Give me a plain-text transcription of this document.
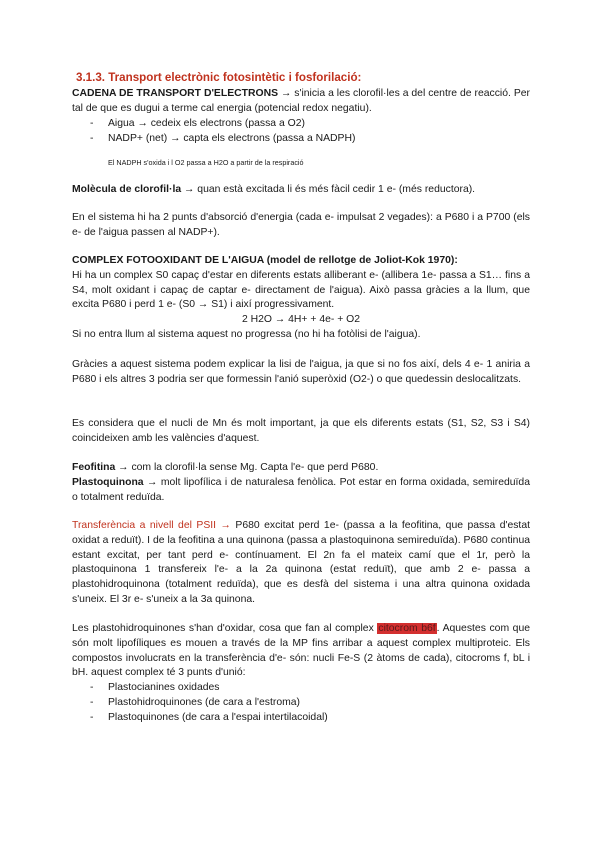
3.1.3. Transport electrònic fotosintètic i fosforilació:
CADENA DE TRANSPORT D'ELECTRONS → s'inicia a les clorofil·les a del centre de reacció. Per tal de que es dugui a terme cal energia (potencial redox negatiu).
- Aigua → cedeix els electrons (passa a O2)
- NADP+ (net) → capta els electrons (passa a NADPH)
El NADPH s'oxida i l O2 passa a H2O a partir de la respiració
Molècula de clorofil·la → quan està excitada li és més fàcil cedir 1 e- (més reductora).
En el sistema hi ha 2 punts d'absorció d'energia (cada e- impulsat 2 vegades): a P680 i a P700 (els e- de l'aigua passen al NADP+).
COMPLEX FOTOOXIDANT DE L'AIGUA (model de rellotge de Joliot-Kok 1970):
Hi ha un complex S0 capaç d'estar en diferents estats alliberant e- (allibera 1e- passa a S1… fins a S4, molt oxidant i capaç de captar e- directament de l'aigua). Això passa gràcies a la llum, que excita P680 i perd 1 e- (S0 → S1) i així progressivament.
2 H2O → 4H+ + 4e- + O2
Si no entra llum al sistema aquest no progressa (no hi ha fotòlisi de l'aigua).
Gràcies a aquest sistema podem explicar la lisi de l'aigua, ja que si no fos així, dels 4 e- 1 aniria a P680 i els altres 3 podria ser que formessin l'anió superòxid (O2-) o que quedessin deslocalitzats.
Es considera que el nucli de Mn és molt important, ja que els diferents estats (S1, S2, S3 i S4) coincideixen amb les valències d'aquest.
Feofitina → com la clorofil·la sense Mg. Capta l'e- que perd P680.
Plastoquinona → molt lipofílica i de naturalesa fenòlica. Pot estar en forma oxidada, semireduïda o totalment reduïda.
Transferència a nivell del PSII → P680 excitat perd 1e- (passa a la feofitina, que passa d'estat oxidat a reduït). I de la feofitina a una quinona (passa a plastoquinona semireduïda). P680 continua estant excitat, per tant perd e- contínuament. El 2n fa el mateix camí que el 1r, però la plastoquinona 1 transfereix l'e- a la 2a quinona (estat reduït), que amb 2 e- passa a plastohidroquinona (totalment reduïda), que es desfà del sistema i una altra quinona oxidada s'uneix. El 3r e- s'uneix a la 3a quinona.
Les plastohidroquinones s'han d'oxidar, cosa que fan al complex citocrom b6f. Aquestes com que són molt lipofíliques es mouen a través de la MP fins arribar a aquest complex multiproteic. Els compostos involucrats en la transferència d'e- són: nucli Fe-S (2 àtoms de cada), citocroms f, bL i bH. aquest complex té 3 punts d'unió:
- Plastocianines oxidades
- Plastohidroquinones (de cara a l'estroma)
- Plastoquinones (de cara a l'espai intertilacoidal)
